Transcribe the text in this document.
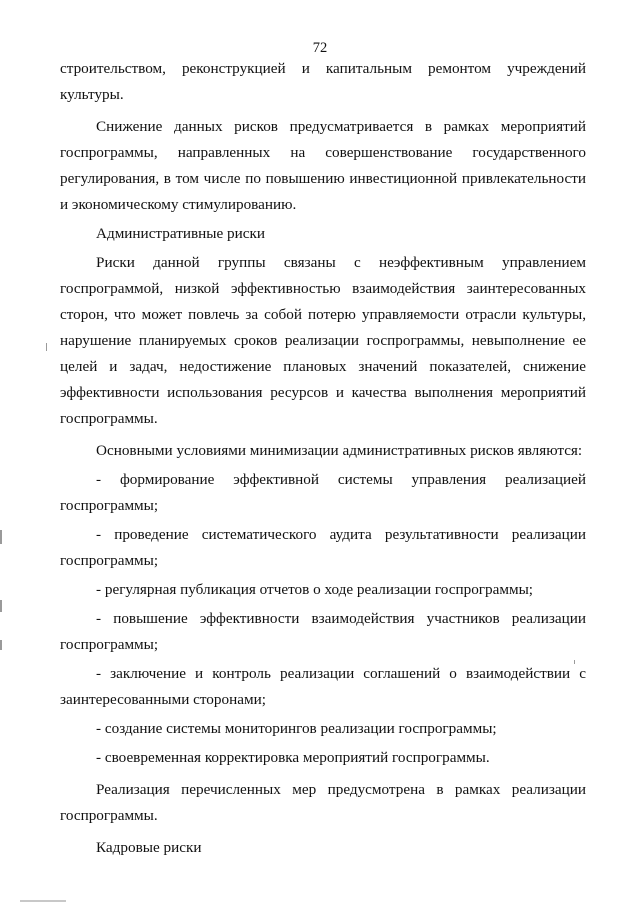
72

строительством, реконструкцией и капитальным ремонтом учреждений культуры.

Снижение данных рисков предусматривается в рамках мероприятий госпрограммы, направленных на совершенствование государственного регулирования, в том числе по повышению инвестиционной привлекательности и экономическому стимулированию.

Административные риски

Риски данной группы связаны с неэффективным управлением госпрограммой, низкой эффективностью взаимодействия заинтересованных сторон, что может повлечь за собой потерю управляемости отрасли культуры, нарушение планируемых сроков реализации госпрограммы, невыполнение ее целей и задач, недостижение плановых значений показателей, снижение эффективности использования ресурсов и качества выполнения мероприятий госпрограммы.

Основными условиями минимизации административных рисков являются:

- формирование эффективной системы управления реализацией госпрограммы;

- проведение систематического аудита результативности реализации госпрограммы;

- регулярная публикация отчетов о ходе реализации госпрограммы;

- повышение эффективности взаимодействия участников реализации госпрограммы;

- заключение и контроль реализации соглашений о взаимодействии с заинтересованными сторонами;

- создание системы мониторингов реализации госпрограммы;

- своевременная корректировка мероприятий госпрограммы.

Реализация перечисленных мер предусмотрена в рамках реализации госпрограммы.

Кадровые риски
